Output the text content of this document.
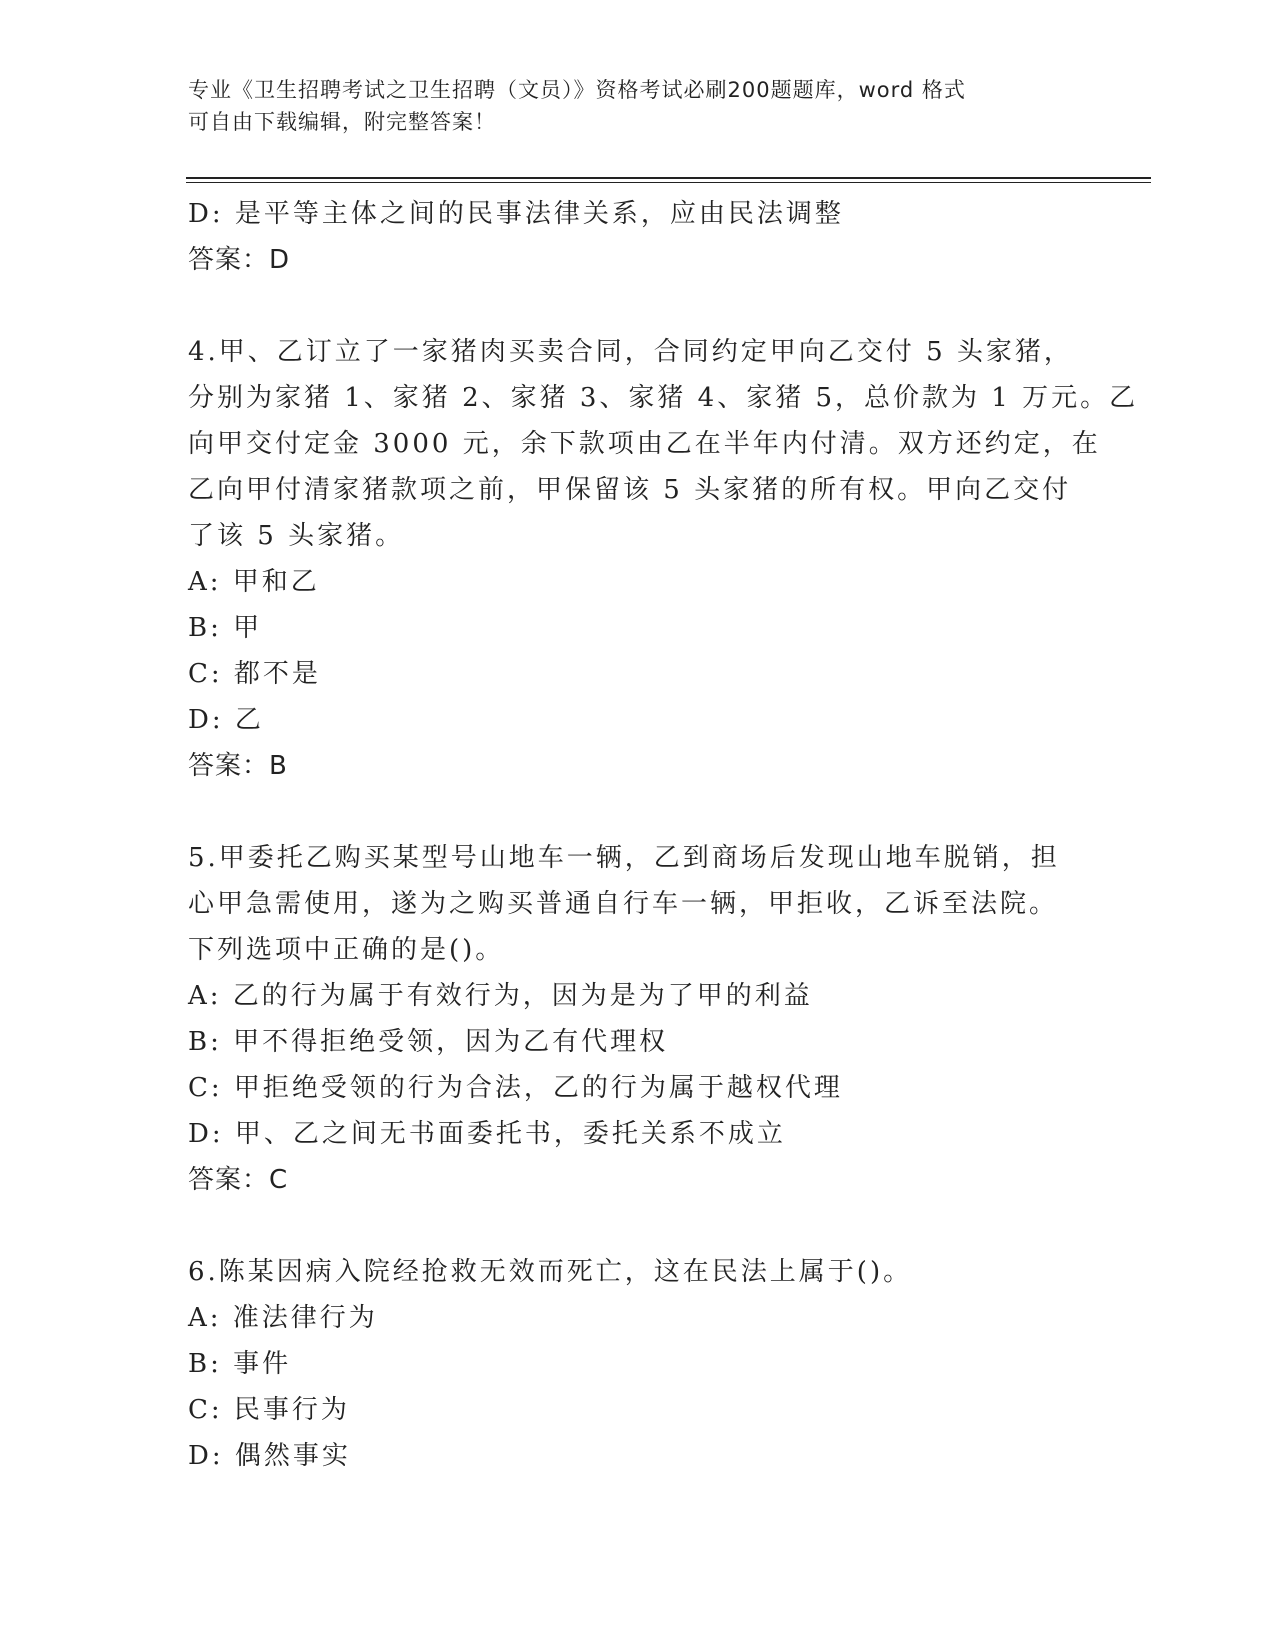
专业《卫生招聘考试之卫生招聘（文员）》资格考试必刷200题题库，word 格式
可自由下载编辑，附完整答案！
D: 是平等主体之间的民事法律关系，应由民法调整
答案：D
4.甲、乙订立了一家猪肉买卖合同，合同约定甲向乙交付 5 头家猪，
分别为家猪 1、家猪 2、家猪 3、家猪 4、家猪 5，总价款为 1 万元。乙
向甲交付定金 3000 元，余下款项由乙在半年内付清。双方还约定，在
乙向甲付清家猪款项之前，甲保留该 5 头家猪的所有权。甲向乙交付
了该 5 头家猪。
A: 甲和乙
B: 甲
C: 都不是
D: 乙
答案：B
5.甲委托乙购买某型号山地车一辆，乙到商场后发现山地车脱销，担
心甲急需使用，遂为之购买普通自行车一辆，甲拒收，乙诉至法院。
下列选项中正确的是()。
A: 乙的行为属于有效行为，因为是为了甲的利益
B: 甲不得拒绝受领，因为乙有代理权
C: 甲拒绝受领的行为合法，乙的行为属于越权代理
D: 甲、乙之间无书面委托书，委托关系不成立
答案：C
6.陈某因病入院经抢救无效而死亡，这在民法上属于()。
A: 准法律行为
B: 事件
C: 民事行为
D: 偶然事实
